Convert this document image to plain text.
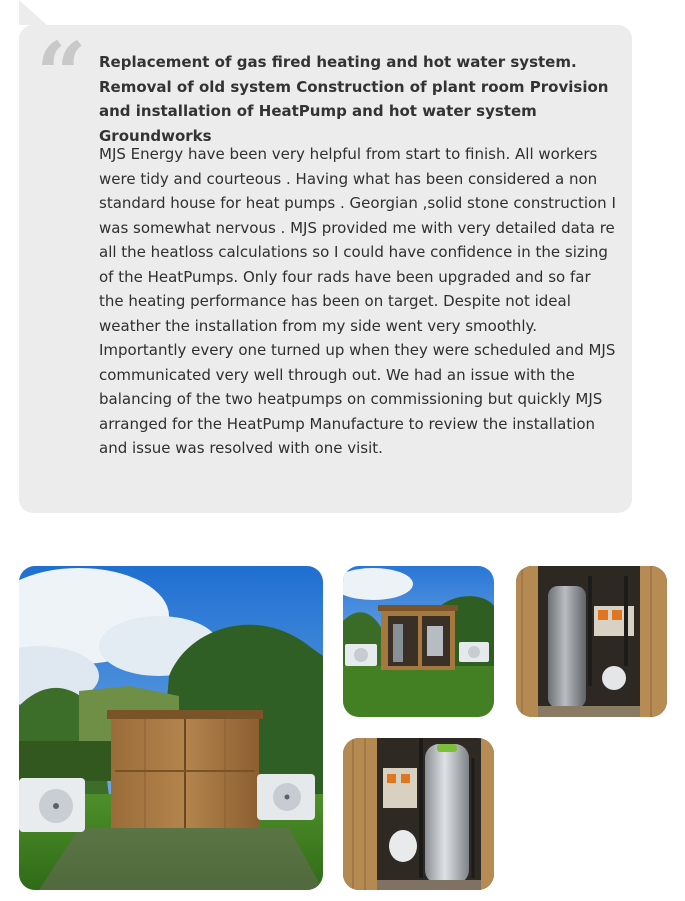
“ Replacement of gas fired heating and hot water system. Removal of old system Construction of plant room Provision and installation of HeatPump and hot water system Groundworks

MJS Energy have been very helpful from start to finish. All workers were tidy and courteous . Having what has been considered a non standard house for heat pumps . Georgian ,solid stone construction I was somewhat nervous . MJS provided me with very detailed data re all the heatloss calculations so I could have confidence in the sizing of the HeatPumps. Only four rads have been upgraded and so far the heating performance has been on target. Despite not ideal weather the installation from my side went very smoothly. Importantly every one turned up when they were scheduled and MJS communicated very well through out. We had an issue with the balancing of the two heatpumps on commissioning but quickly MJS arranged for the HeatPump Manufacture to review the installation and issue was resolved with one visit.
